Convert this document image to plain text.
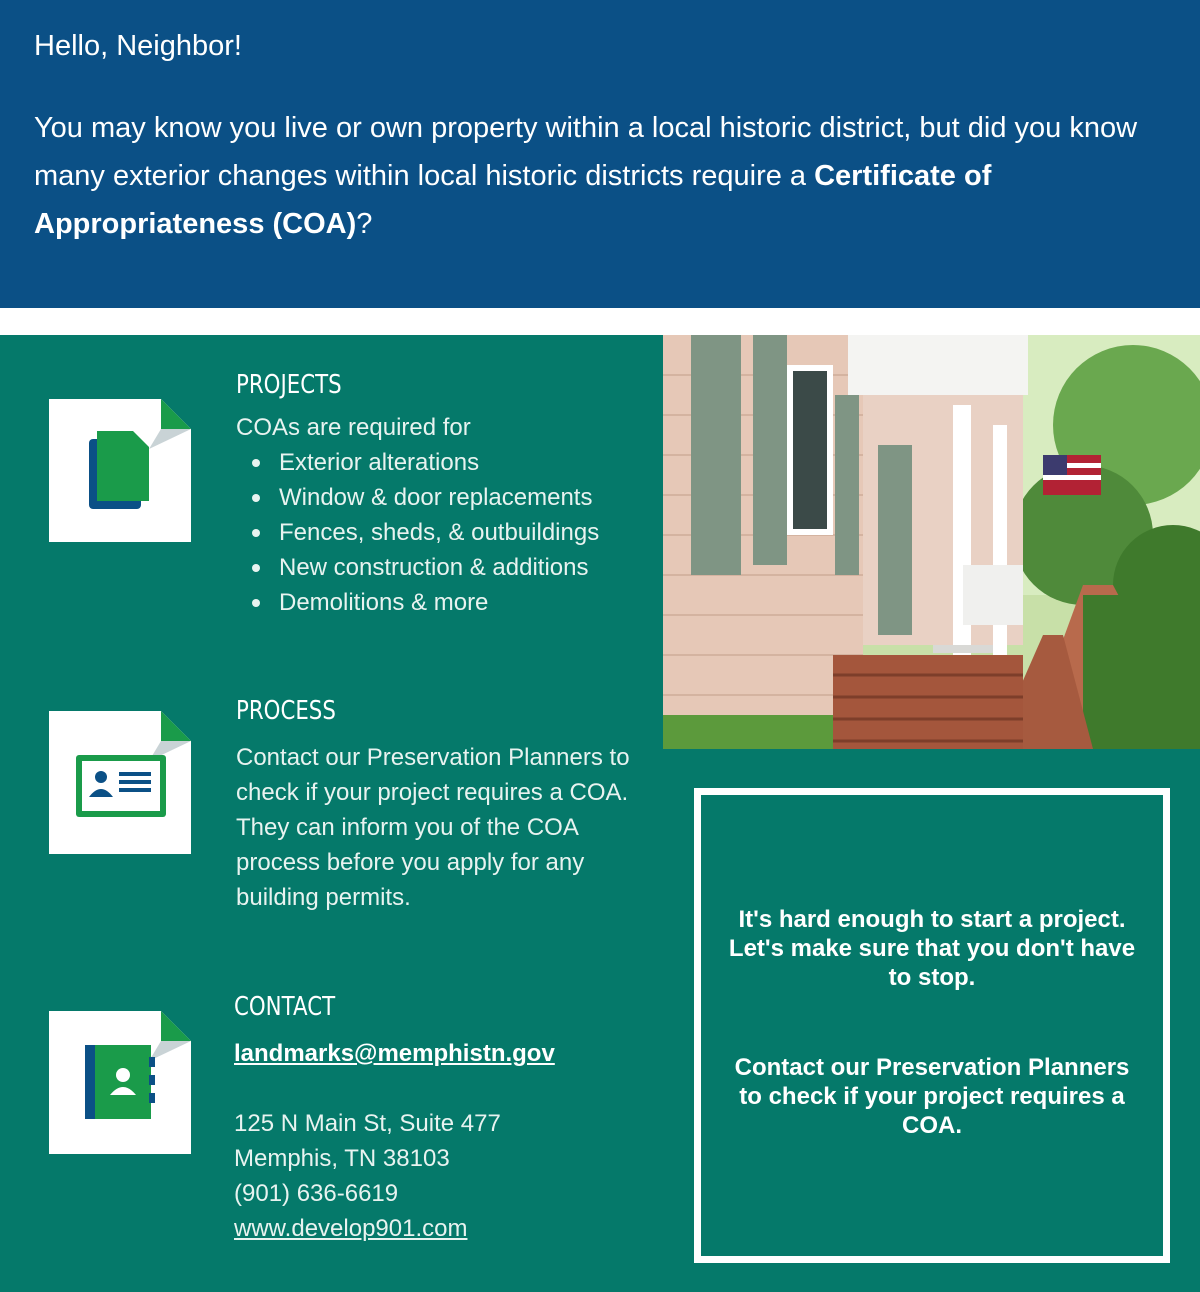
Hello, Neighbor!
You may know you live or own property within a local historic district, but did you know many exterior changes within local historic districts require a Certificate of Appropriateness (COA)?
PROJECTS
COAs are required for
Exterior alterations
Window & door replacements
Fences, sheds, & outbuildings
New construction & additions
Demolitions & more
PROCESS
Contact our Preservation Planners to check if your project requires a COA. They can inform you of the COA process before you apply for any building permits.
CONTACT
landmarks@memphistn.gov
125 N Main St, Suite 477
Memphis, TN 38103
(901) 636-6619
www.develop901.com
It's hard enough to start a project. Let's make sure that you don't have to stop.
Contact our Preservation Planners to check if your project requires a COA.
